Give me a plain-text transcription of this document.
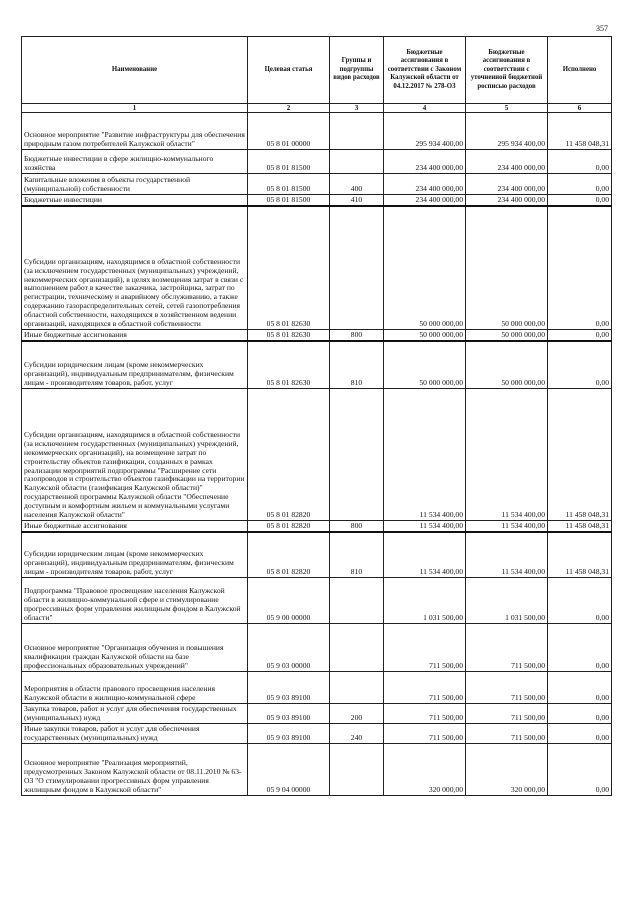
357
Наименование	Целевая статья	Группы и подгруппы видов расходов	Бюджетные ассигнования в соответствии с Законом Калужской области от 04.12.2017 № 278-ОЗ	Бюджетные ассигнования в соответствии с уточненной бюджетной росписью расходов	Исполнено
1	2	3	4	5	6
Основное мероприятие "Развитие инфраструктуры для обеспечения природным газом потребителей Калужской области"	05 8 01 00000		295 934 400,00	295 934 400,00	11 458 048,31
Бюджетные инвестиции в сфере жилищно-коммунального хозяйства	05 8 01 81500		234 400 000,00	234 400 000,00	0,00
Капитальные вложения в объекты государственной (муниципальной) собственности	05 8 01 81500	400	234 400 000,00	234 400 000,00	0,00
Бюджетные инвестиции	05 8 01 81500	410	234 400 000,00	234 400 000,00	0,00
Субсидии организациям, находящимся в областной собственности (за исключением государственных (муниципальных) учреждений, некоммерческих организаций), в целях возмещения затрат в связи с выполнением работ в качестве заказчика, застройщика, затрат по регистрации, техническому и аварийному обслуживанию, а также содержанию газораспределительных сетей, сетей газопотребления областной собственности, находящихся в хозяйственном ведении организаций, находящихся в областной собственности	05 8 01 82630		50 000 000,00	50 000 000,00	0,00
Иные бюджетные ассигнования	05 8 01 82630	800	50 000 000,00	50 000 000,00	0,00
Субсидии юридическим лицам (кроме некоммерческих организаций), индивидуальным предпринимателям, физическим лицам - производителям товаров, работ, услуг	05 8 01 82630	810	50 000 000,00	50 000 000,00	0,00
Субсидии организациям, находящимся в областной собственности (за исключением государственных (муниципальных) учреждений, некоммерческих организаций), на возмещение затрат по строительству объектов газификации, созданных в рамках реализации мероприятий подпрограммы "Расширение сети газопроводов и строительство объектов газификации на территории Калужской области (газификация Калужской области)" государственной программы Калужской области "Обеспечение доступным и комфортным жильем и коммунальными услугами населения Калужской области"	05 8 01 82820		11 534 400,00	11 534 400,00	11 458 048,31
Иные бюджетные ассигнования	05 8 01 82820	800	11 534 400,00	11 534 400,00	11 458 048,31
Субсидии юридическим лицам (кроме некоммерческих организаций), индивидуальным предпринимателям, физическим лицам - производителям товаров, работ, услуг	05 8 01 82820	810	11 534 400,00	11 534 400,00	11 458 048,31
Подпрограмма "Правовое просвещение населения Калужской области в жилищно-коммунальной сфере и стимулирование прогрессивных форм управления жилищным фондом в Калужской области"	05 9 00 00000		1 031 500,00	1 031 500,00	0,00
Основное мероприятие "Организация обучения и повышения квалификации граждан Калужской области на базе профессиональных образовательных учреждений"	05 9 03 00000		711 500,00	711 500,00	0,00
Мероприятия в области правового просвещения населения Калужской области в жилищно-коммунальной сфере	05 9 03 89100		711 500,00	711 500,00	0,00
Закупка товаров, работ и услуг для обеспечения государственных (муниципальных) нужд	05 9 03 89100	200	711 500,00	711 500,00	0,00
Иные закупки товаров, работ и услуг для обеспечения государственных (муниципальных) нужд	05 9 03 89100	240	711 500,00	711 500,00	0,00
Основное мероприятие "Реализация мероприятий, предусмотренных Законом Калужской области от 08.11.2010 № 63-ОЗ "О стимулировании прогрессивных форм управления жилищным фондом в Калужской области"	05 9 04 00000		320 000,00	320 000,00	0,00
